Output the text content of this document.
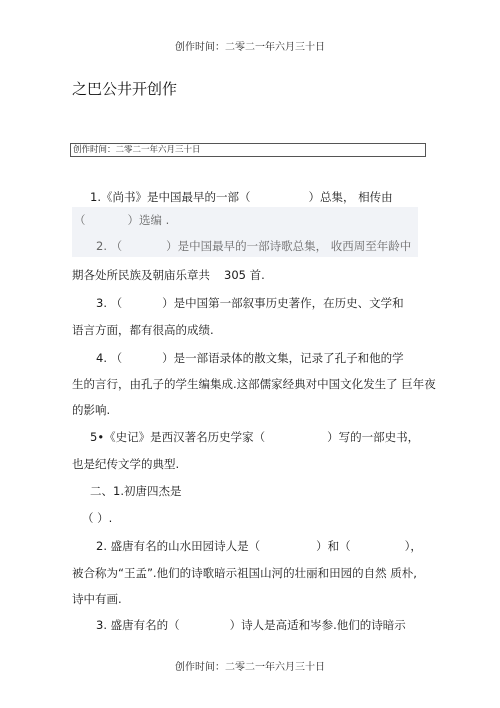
创作时间：二零二一年六月三十日
之巴公井开创作
创作时间：二零二一年六月三十日
1.《尚书》是中国最早的一部（	）总集， 相传由
（	）选编 .
2. （	）是中国最早的一部诗歌总集， 收西周至年龄中
期各处所民族及朝庙乐章共 305 首.
3. （	）是中国第一部叙事历史著作，在历史、文学和
语言方面，都有很高的成绩.
4. （	）是一部语录体的散文集，记录了孔子和他的学
生的言行，由孔子的学生编集成.这部儒家经典对中国文化发生了 巨年夜
的影响.
5•《史记》是西汉著名历史学家（	）写的一部史书，
也是纪传文学的典型.
二、1.初唐四杰是
（ ）.
2. 盛唐有名的山水田园诗人是（	）和（	），
被合称为“王孟”.他们的诗歌暗示祖国山河的壮丽和田园的自然 质朴,
诗中有画.
3. 盛唐有名的（	）诗人是高适和岑参.他们的诗暗示
创作时间：二零二一年六月三十日
